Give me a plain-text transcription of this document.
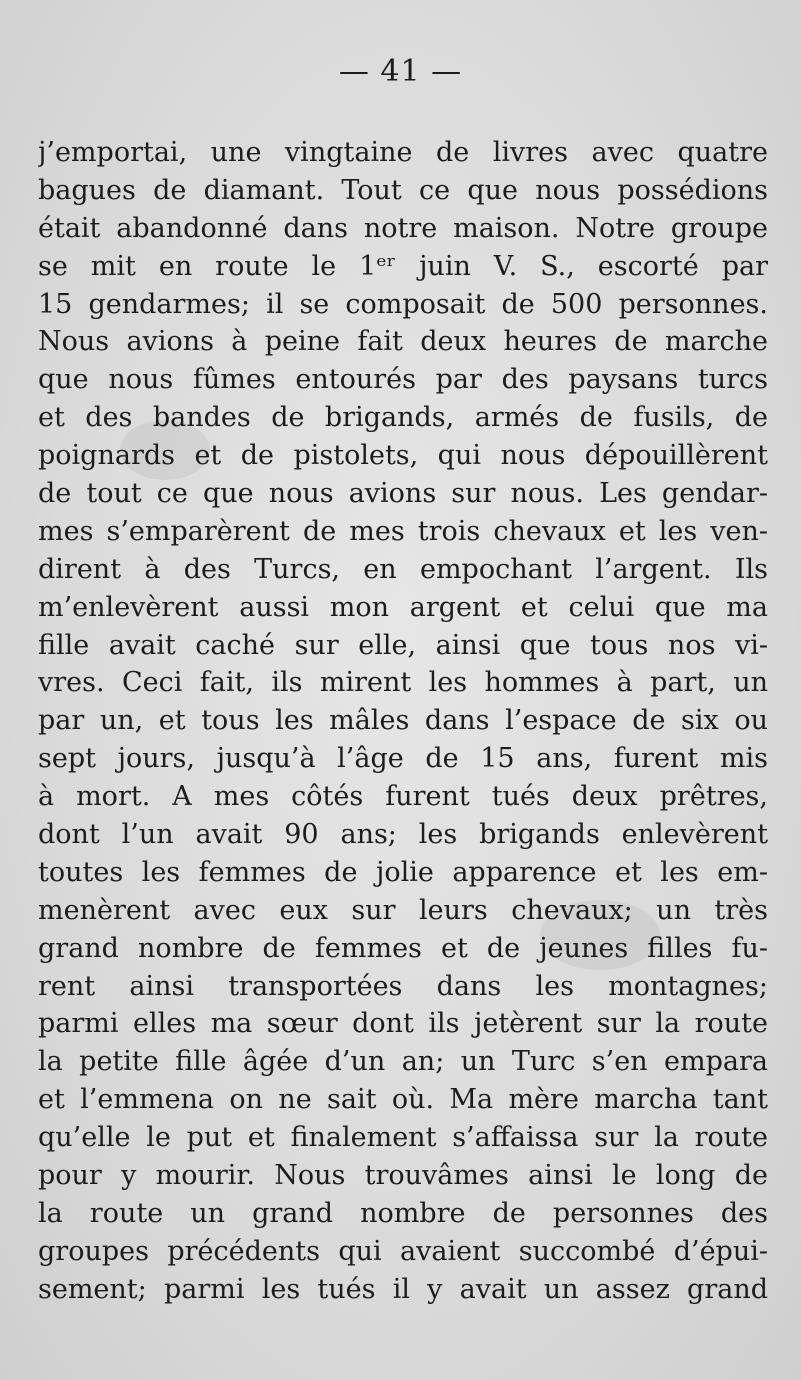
— 41 —
j’emportai, une vingtaine de livres avec quatre
bagues de diamant. Tout ce que nous possédions
était abandonné dans notre maison. Notre groupe
se mit en route le 1ᵉʳ juin V. S., escorté par
15 gendarmes; il se composait de 500 personnes.
Nous avions à peine fait deux heures de marche
que nous fûmes entourés par des paysans turcs
et des bandes de brigands, armés de fusils, de
poignards et de pistolets, qui nous dépouillèrent
de tout ce que nous avions sur nous. Les gendar-
mes s’emparèrent de mes trois chevaux et les ven-
dirent à des Turcs, en empochant l’argent. Ils
m’enlevèrent aussi mon argent et celui que ma
fille avait caché sur elle, ainsi que tous nos vi-
vres. Ceci fait, ils mirent les hommes à part, un
par un, et tous les mâles dans l’espace de six ou
sept jours, jusqu’à l’âge de 15 ans, furent mis
à mort. A mes côtés furent tués deux prêtres,
dont l’un avait 90 ans; les brigands enlevèrent
toutes les femmes de jolie apparence et les em-
menèrent avec eux sur leurs chevaux; un très
grand nombre de femmes et de jeunes filles fu-
rent ainsi transportées dans les montagnes;
parmi elles ma sœur dont ils jetèrent sur la route
la petite fille âgée d’un an; un Turc s’en empara
et l’emmena on ne sait où. Ma mère marcha tant
qu’elle le put et finalement s’affaissa sur la route
pour y mourir. Nous trouvâmes ainsi le long de
la route un grand nombre de personnes des
groupes précédents qui avaient succombé d’épui-
sement; parmi les tués il y avait un assez grand
